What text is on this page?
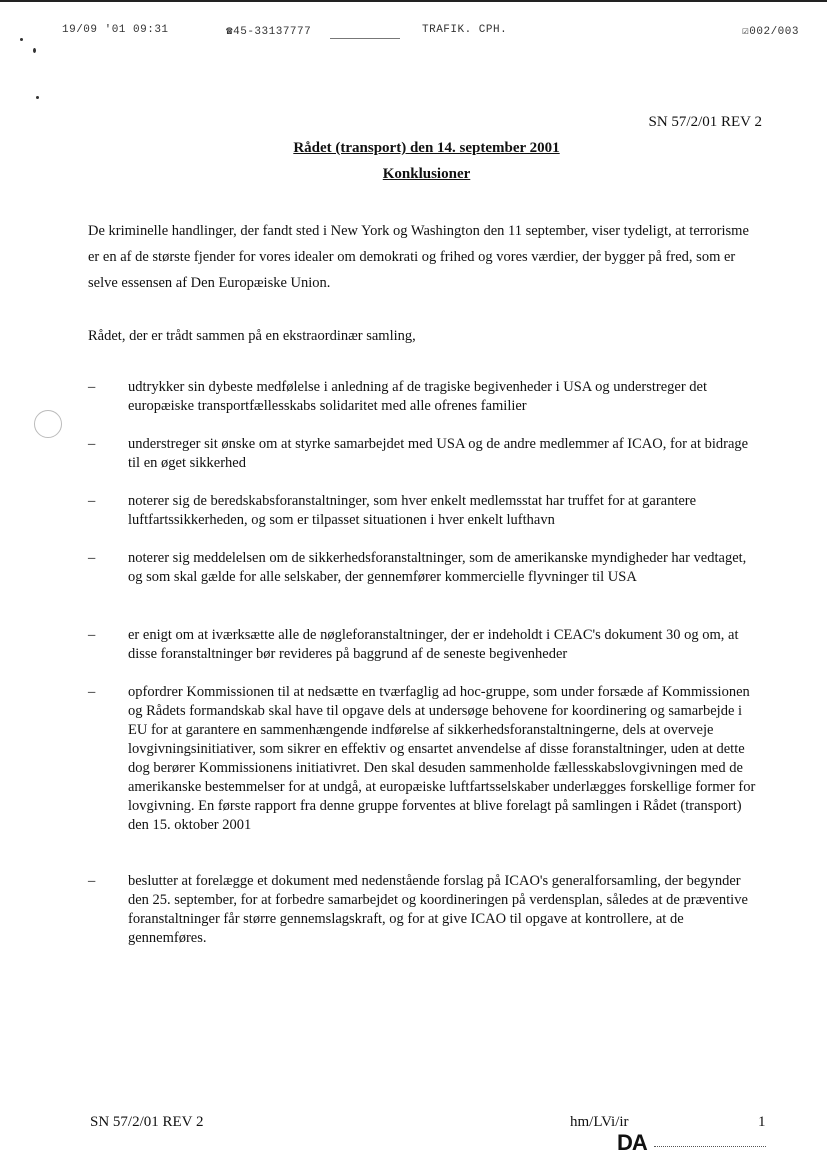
19/09 '01 09:31	☎45-33137777	TRAFIK. CPH.	☑002/003
SN 57/2/01 REV 2
Rådet (transport) den 14. september 2001
Konklusioner
De kriminelle handlinger, der fandt sted i New York og Washington den 11 september, viser tydeligt, at terrorisme er en af de største fjender for vores idealer om demokrati og frihed og vores værdier, der bygger på fred, som er selve essensen af Den Europæiske Union.
Rådet, der er trådt sammen på en ekstraordinær samling,
–	udtrykker sin dybeste medfølelse i anledning af de tragiske begivenheder i USA og understreger det europæiske transportfællesskabs solidaritet med alle ofrenes familier
–	understreger sit ønske om at styrke samarbejdet med USA og de andre medlemmer af ICAO, for at bidrage til en øget sikkerhed
–	noterer sig de beredskabsforanstaltninger, som hver enkelt medlemsstat har truffet for at garantere luftfartssikkerheden, og som er tilpasset situationen i hver enkelt lufthavn
–	noterer sig meddelelsen om de sikkerhedsforanstaltninger, som de amerikanske myndigheder har vedtaget, og som skal gælde for alle selskaber, der gennemfører kommercielle flyvninger til USA
–	er enigt om at iværksætte alle de nøgleforanstaltninger, der er indeholdt i CEAC's dokument 30 og om, at disse foranstaltninger bør revideres på baggrund af de seneste begivenheder
–	opfordrer Kommissionen til at nedsætte en tværfaglig ad hoc-gruppe, som under forsæde af Kommissionen og Rådets formandskab skal have til opgave dels at undersøge behovene for koordinering og samarbejde i EU for at garantere en sammenhængende indførelse af sikkerhedsforanstaltningerne, dels at overveje lovgivningsinitiativer, som sikrer en effektiv og ensartet anvendelse af disse foranstaltninger, uden at dette dog berører Kommissionens initiativret. Den skal desuden sammenholde fællesskabslovgivningen med de amerikanske bestemmelser for at undgå, at europæiske luftfartsselskaber underlægges forskellige former for lovgivning. En første rapport fra denne gruppe forventes at blive forelagt på samlingen i Rådet (transport) den 15. oktober 2001
–	beslutter at forelægge et dokument med nedenstående forslag på ICAO's generalforsamling, der begynder den 25. september, for at forbedre samarbejdet og koordineringen på verdensplan, således at de præventive foranstaltninger får større gennemslagskraft, og for at give ICAO til opgave at kontrollere, at de gennemføres.
SN 57/2/01 REV 2	hm/LVi/ir	1
DA
